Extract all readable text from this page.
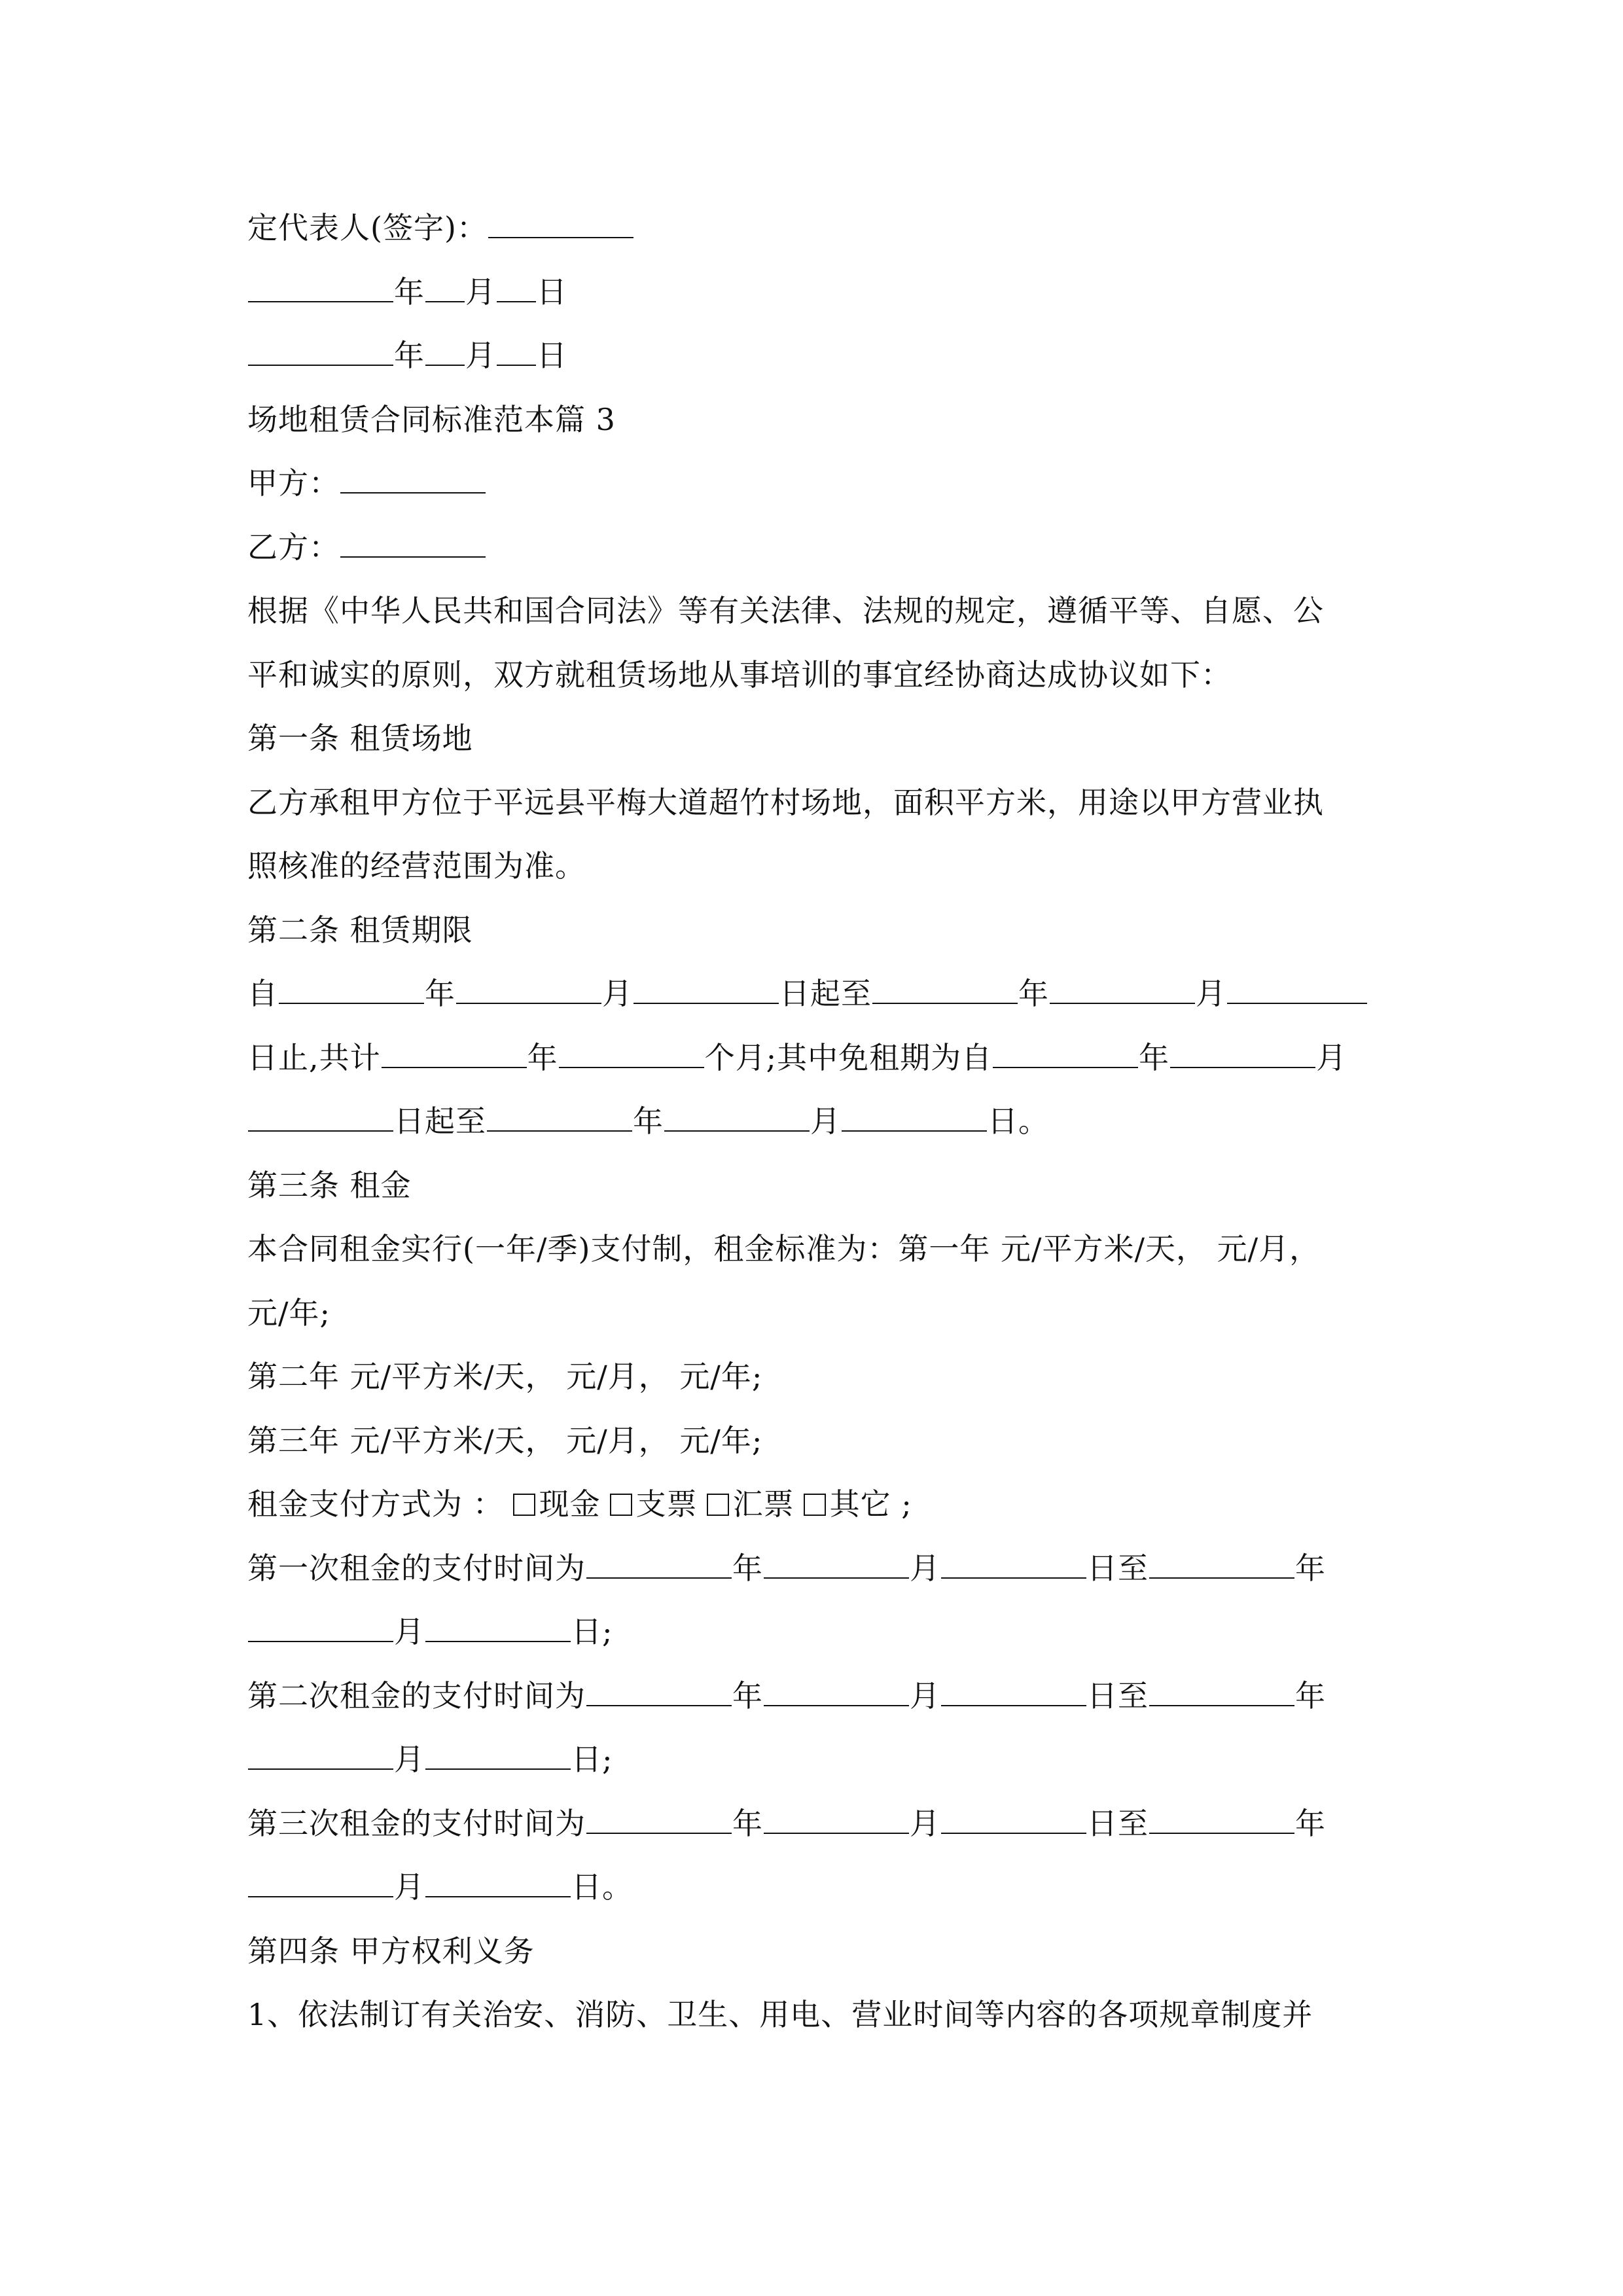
定代表人(签字)：
年 月 日
年 月 日
场地租赁合同标准范本篇 3
甲方：
乙方：
根据《中华人民共和国合同法》等有关法律、法规的规定，遵循平等、自愿、公
平和诚实的原则，双方就租赁场地从事培训的事宜经协商达成协议如下：
第一条 租赁场地
乙方承租甲方位于平远县平梅大道超竹村场地，面积平方米，用途以甲方营业执
照核准的经营范围为准。
第二条 租赁期限
自	年	月	日起至	年	月
日止,共计	年	个月;其中免租期为自	年	月
日起至	年	月	日。
第三条 租金
本合同租金实行(一年/季)支付制，租金标准为：第一年 元/平方米/天， 元/月，
元/年;
第二年 元/平方米/天， 元/月， 元/年;
第三年 元/平方米/天， 元/月， 元/年;
租金支付方式为 ： 现金 支票 汇票 其它 ;
第一次租金的支付时间为	年	月	日至	年
月	日;
第二次租金的支付时间为	年	月	日至	年
月	日;
第三次租金的支付时间为	年	月	日至	年
月	日。
第四条 甲方权利义务
1、依法制订有关治安、消防、卫生、用电、营业时间等内容的各项规章制度并
